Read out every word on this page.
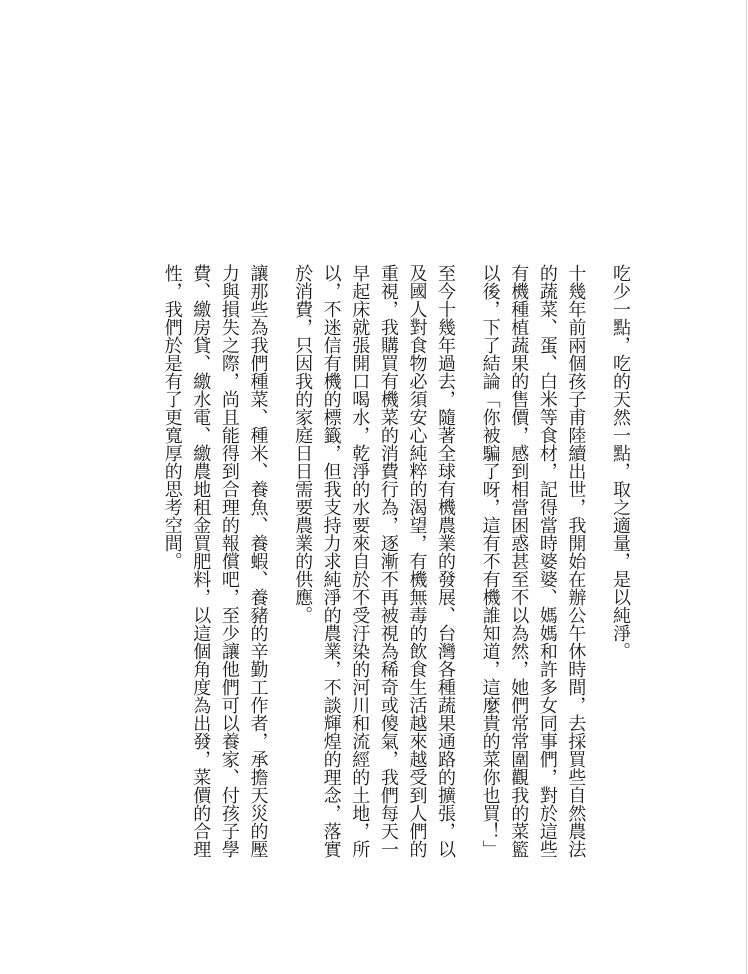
吃少一點，吃的天然一點，取之適量，是以純淨。

十幾年前兩個孩子甫陸續出世，我開始在辦公午休時間，去採買些自然農法的蔬菜、蛋、白米等食材，記得當時婆婆、媽媽和許多女同事們，對於這些有機種植蔬果的售價，感到相當困惑甚至不以為然，她們常常圍觀我的菜籃以後，下了結論「你被騙了呀，這有不有機誰知道，這麼貴的菜你也買！」

至今十幾年過去，隨著全球有機農業的發展、台灣各種蔬果通路的擴張，以及國人對食物必須安心純粹的渴望，有機無毒的飲食生活越來越受到人們的重視，我購買有機菜的消費行為，逐漸不再被視為稀奇或傻氣，我們每天一早起床就張開口喝水，乾淨的水要來自於不受汙染的河川和流經的土地，所以，不迷信有機的標籤，但我支持力求純淨的農業，不談輝煌的理念，落實於消費，只因我的家庭日日需要農業的供應。

讓那些為我們種菜、種米、養魚、養蝦、養豬的辛勤工作者，承擔天災的壓力與損失之際，尚且能得到合理的報償吧，至少讓他們可以養家、付孩子學費、繳房貸、繳水電、繳農地租金買肥料，以這個角度為出發，菜價的合理性，我們於是有了更寬厚的思考空間。
